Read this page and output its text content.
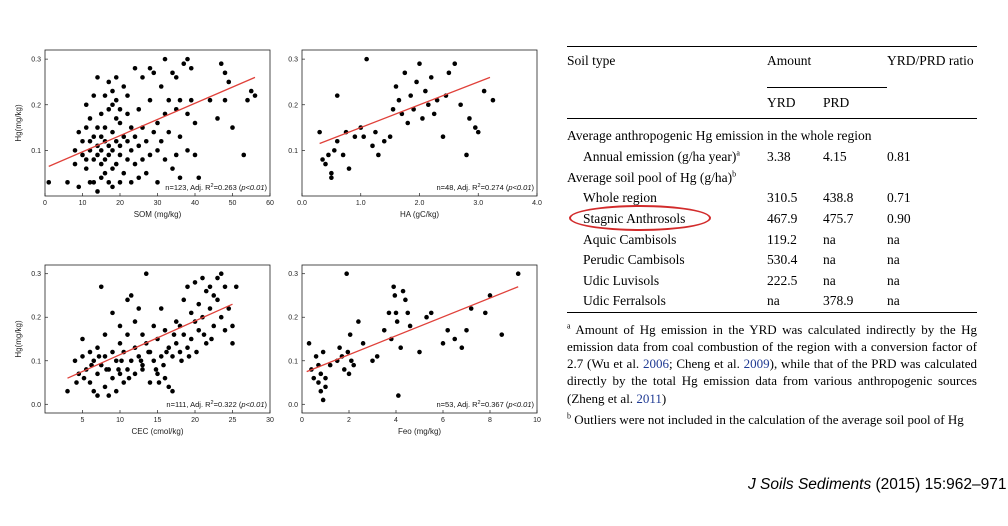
0	10	20	30	40	50	60
0.1
0.2
0.3
SOM (mg/kg)
Hg(mg/kg)
n=123, Adj. $R^2=0.263$ (p<0.01)
0.0	1.0	2.0	3.0	4.0
0.1
0.2
0.3
HA (gC/kg)
n=48, Adj. $R^2=0.274$ (p<0.01)
5	10	15	20	25	30
0.0
0.1
0.2
0.3
CEC (cmol/kg)
Hg(mg/kg)
n=111, Adj. $R^2=0.322$ (p<0.01)
0	2	4	6	8	10
0.0
0.1
0.2
0.3
Feo (mg/kg)
n=53, Adj. $R^2=0.367$ (p<0.01)
Soil type	Amount		YRD/PRD ratio
	YRD	PRD	
Average anthropogenic Hg emission in the whole region			
Annual emission (g/ha year)$^a$	3.38	4.15	0.81
Average soil pool of Hg $(g/ha)^b$
Whole region	310.5	438.8	0.71

Stagnic Anthrosols	467.9	475.7	0.90
Aquic Cambisols	119.2	na	na
Perudic Cambisols	530.4	na	na
Udic Luvisols	222.5	na	na
Udic Ferralsols	na	378.9	na

$^a$ Amount of Hg emission in the YRD was calculated indirectly by the Hg emission data from coal combustion of the region with a conversion factor of 2.7 (Wu et al. 2006; Cheng et al. 2009), while that of the PRD was calculated directly by the total Hg emission data from various anthropogenic sources (Zheng et al. 2011)

$^b$ Outliers were not included in the calculation of the average soil pool of Hg

J Soils Sediments (2015) 15:962–971
